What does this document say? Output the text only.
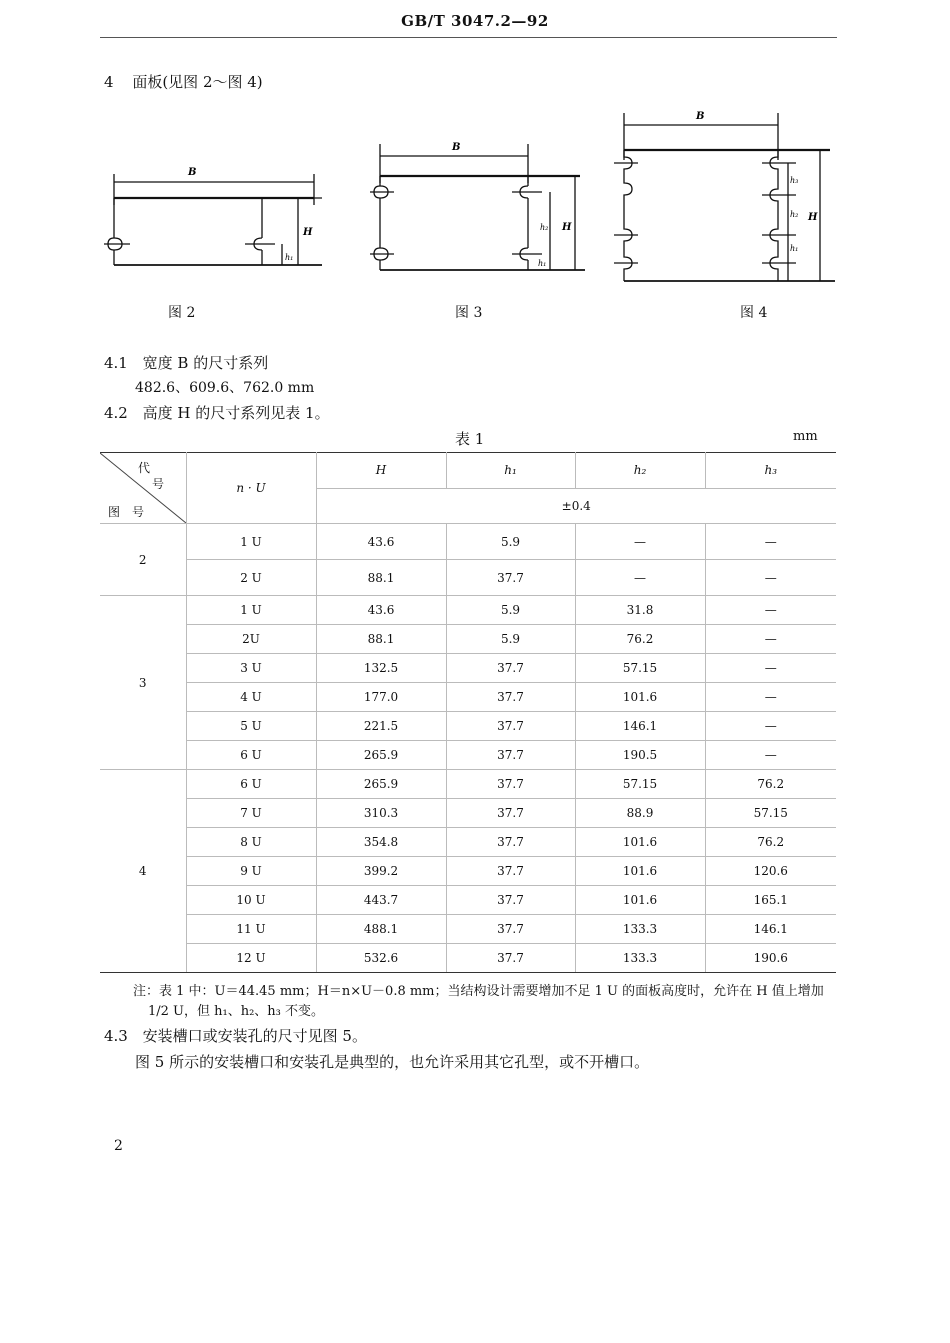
GB/T 3047.2—92
4 面板(见图 2～图 4)
B
H
h₁
图 2
B
H
h₂
h₁
图 3
B
H
h₃
h₂
h₁
图 4
4.1 宽度 B 的尺寸系列
482.6、609.6、762.0 mm
4.2 高度 H 的尺寸系列见表 1。
表 1	mm
代
号
图　号	n · U	H	h₁	h₂	h₃
		±0.4			
2	1 U	43.6	5.9	—	—
	2 U	88.1	37.7	—	—
3	1 U	43.6	5.9	31.8	—
	2U	88.1	5.9	76.2	—
	3 U	132.5	37.7	57.15	—
	4 U	177.0	37.7	101.6	—
	5 U	221.5	37.7	146.1	—
	6 U	265.9	37.7	190.5	—
4	6 U	265.9	37.7	57.15	76.2
	7 U	310.3	37.7	88.9	57.15
	8 U	354.8	37.7	101.6	76.2
	9 U	399.2	37.7	101.6	120.6
	10 U	443.7	37.7	101.6	165.1
	11 U	488.1	37.7	133.3	146.1
	12 U	532.6	37.7	133.3	190.6
注：表 1 中：U＝44.45 mm；H＝n×U－0.8 mm；当结构设计需要增加不足 1 U 的面板高度时，允许在 H 值上增加
1/2 U，但 h₁、h₂、h₃ 不变。
4.3 安装槽口或安装孔的尺寸见图 5。
图 5 所示的安装槽口和安装孔是典型的，也允许采用其它孔型，或不开槽口。
2
